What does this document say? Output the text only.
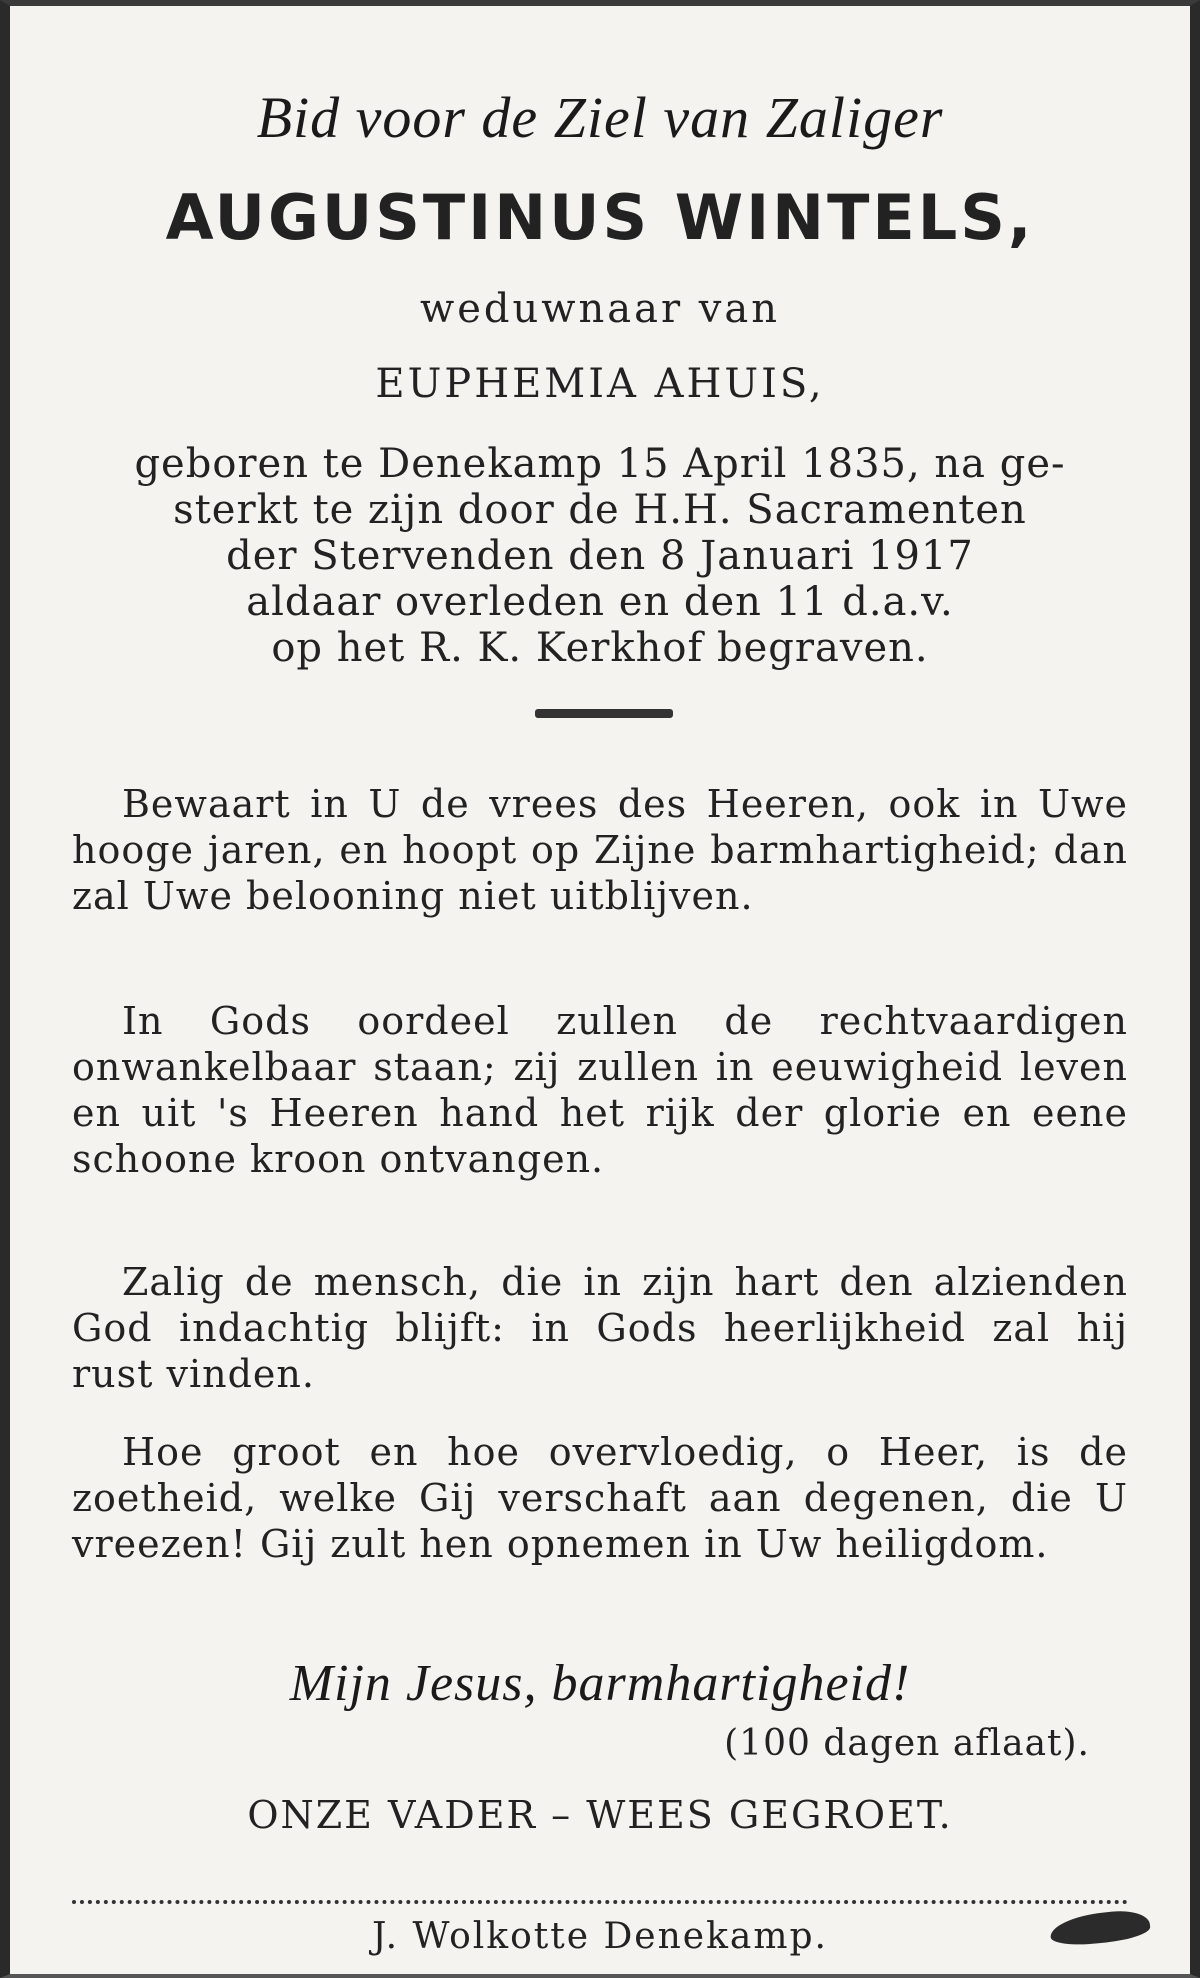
Bid voor de Ziel van Zaliger
AUGUSTINUS WINTELS,
weduwnaar van
EUPHEMIA AHUIS,
geboren te Denekamp 15 April 1835, na ge-
sterkt te zijn door de H.H. Sacramenten
der Stervenden den 8 Januari 1917
aldaar overleden en den 11 d.a.v.
op het R. K. Kerkhof begraven.
Bewaart in U de vrees des Heeren, ook in Uwe hooge jaren, en hoopt op Zijne barmhartigheid; dan zal Uwe belooning niet uitblijven.
In Gods oordeel zullen de rechtvaardigen onwankelbaar staan; zij zullen in eeuwigheid leven en uit 's Heeren hand het rijk der glorie en eene schoone kroon ontvangen.
Zalig de mensch, die in zijn hart den alzienden God indachtig blijft: in Gods heerlijkheid zal hij rust vinden.
Hoe groot en hoe overvloedig, o Heer, is de zoetheid, welke Gij verschaft aan degenen, die U vreezen! Gij zult hen opnemen in Uw heiligdom.
Mijn Jesus, barmhartigheid!
(100 dagen aflaat).
ONZE VADER – WEES GEGROET.
J. Wolkotte Denekamp.
